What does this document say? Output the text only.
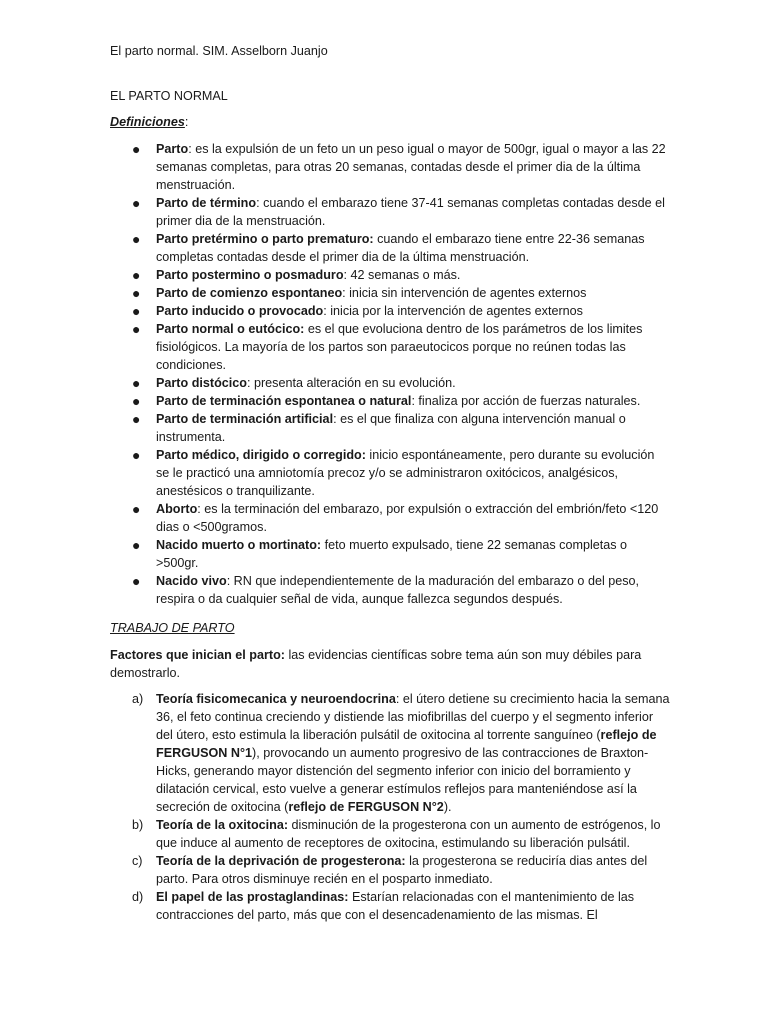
El parto normal. SIM. Asselborn Juanjo
EL PARTO NORMAL
Definiciones:
● Parto: es la expulsión de un feto un un peso igual o mayor de 500gr, igual o mayor a las 22 semanas completas, para otras 20 semanas, contadas desde el primer dia de la última menstruación.
● Parto de término: cuando el embarazo tiene 37-41 semanas completas contadas desde el primer dia de la menstruación.
● Parto pretérmino o parto prematuro: cuando el embarazo tiene entre 22-36 semanas completas contadas desde el primer dia de la última menstruación.
● Parto postermino o posmaduro: 42 semanas o más.
● Parto de comienzo espontaneo: inicia sin intervención de agentes externos
● Parto inducido o provocado: inicia por la intervención de agentes externos
● Parto normal o eutócico: es el que evoluciona dentro de los parámetros de los limites fisiológicos. La mayoría de los partos son paraeutocicos porque no reúnen todas las condiciones.
● Parto distócico: presenta alteración en su evolución.
● Parto de terminación espontanea o natural: finaliza por acción de fuerzas naturales.
● Parto de terminación artificial: es el que finaliza con alguna intervención manual o instrumenta.
● Parto médico, dirigido o corregido: inicio espontáneamente, pero durante su evolución se le practicó una amniotomía precoz y/o se administraron oxitócicos, analgésicos, anestésicos o tranquilizante.
● Aborto: es la terminación del embarazo, por expulsión o extracción del embrión/feto <120 dias o <500gramos.
● Nacido muerto o mortinato: feto muerto expulsado, tiene 22 semanas completas o >500gr.
● Nacido vivo: RN que independientemente de la maduración del embarazo o del peso, respira o da cualquier señal de vida, aunque fallezca segundos después.
TRABAJO DE PARTO
Factores que inician el parto: las evidencias científicas sobre tema aún son muy débiles para demostrarlo.
a) Teoría fisicomecanica y neuroendocrina: el útero detiene su crecimiento hacia la semana 36, el feto continua creciendo y distiende las miofibrillas del cuerpo y el segmento inferior del útero, esto estimula la liberación pulsátil de oxitocina al torrente sanguíneo (reflejo de FERGUSON N°1), provocando un aumento progresivo de las contracciones de Braxton-Hicks, generando mayor distención del segmento inferior con inicio del borramiento y dilatación cervical, esto vuelve a generar estímulos reflejos para manteniéndose así la secreción de oxitocina (reflejo de FERGUSON N°2).
b) Teoría de la oxitocina: disminución de la progesterona con un aumento de estrógenos, lo que induce al aumento de receptores de oxitocina, estimulando su liberación pulsátil.
c) Teoría de la deprivación de progesterona: la progesterona se reduciría dias antes del parto. Para otros disminuye recién en el posparto inmediato.
d) El papel de las prostaglandinas: Estarían relacionadas con el mantenimiento de las contracciones del parto, más que con el desencadenamiento de las mismas. El
